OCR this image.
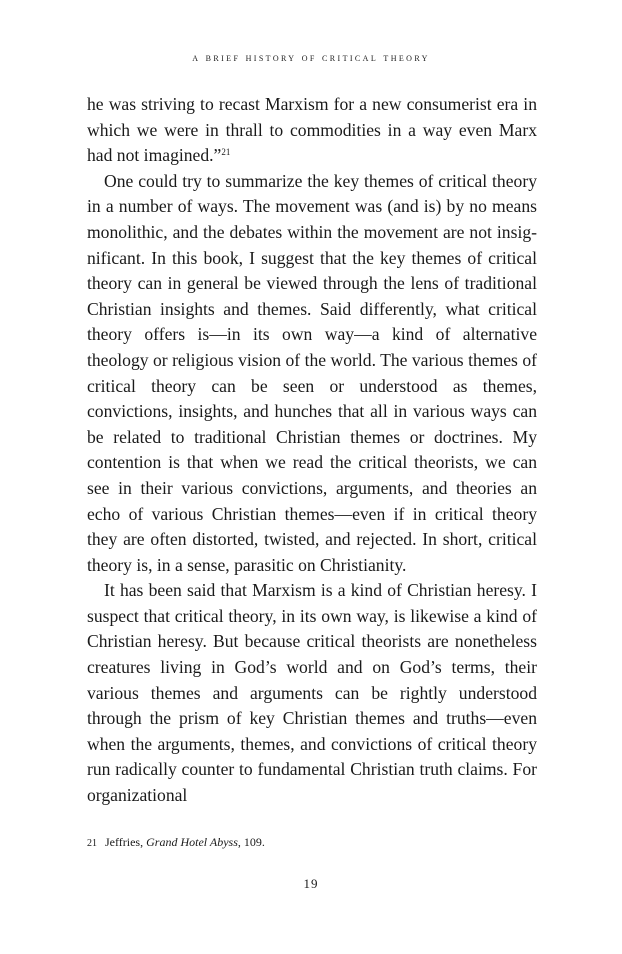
a brief history of critical theory

he was striving to recast Marxism for a new consumerist era in which we were in thrall to commodities in a way even Marx had not imagined.”$^{21}$

One could try to summarize the key themes of critical theory in a number of ways. The movement was (and is) by no means monolithic, and the debates within the movement are not insignificant. In this book, I suggest that the key themes of critical theory can in general be viewed through the lens of traditional Christian insights and themes. Said differently, what critical theory offers is—in its own way—a kind of alternative theology or religious vision of the world. The various themes of critical theory can be seen or understood as themes, convictions, insights, and hunches that all in various ways can be related to traditional Christian themes or doctrines. My contention is that when we read the critical theorists, we can see in their various convictions, arguments, and theories an echo of various Christian themes—even if in critical theory they are often distorted, twisted, and rejected. In short, critical theory is, in a sense, parasitic on Christianity.

It has been said that Marxism is a kind of Christian heresy. I suspect that critical theory, in its own way, is likewise a kind of Christian heresy. But because critical theorists are nonetheless creatures living in God’s world and on God’s terms, their various themes and arguments can be rightly understood through the prism of key Christian themes and truths—even when the arguments, themes, and convictions of critical theory run radically counter to fundamental Christian truth claims. For organizational

21 Jeffries, Grand Hotel Abyss, 109.
19
